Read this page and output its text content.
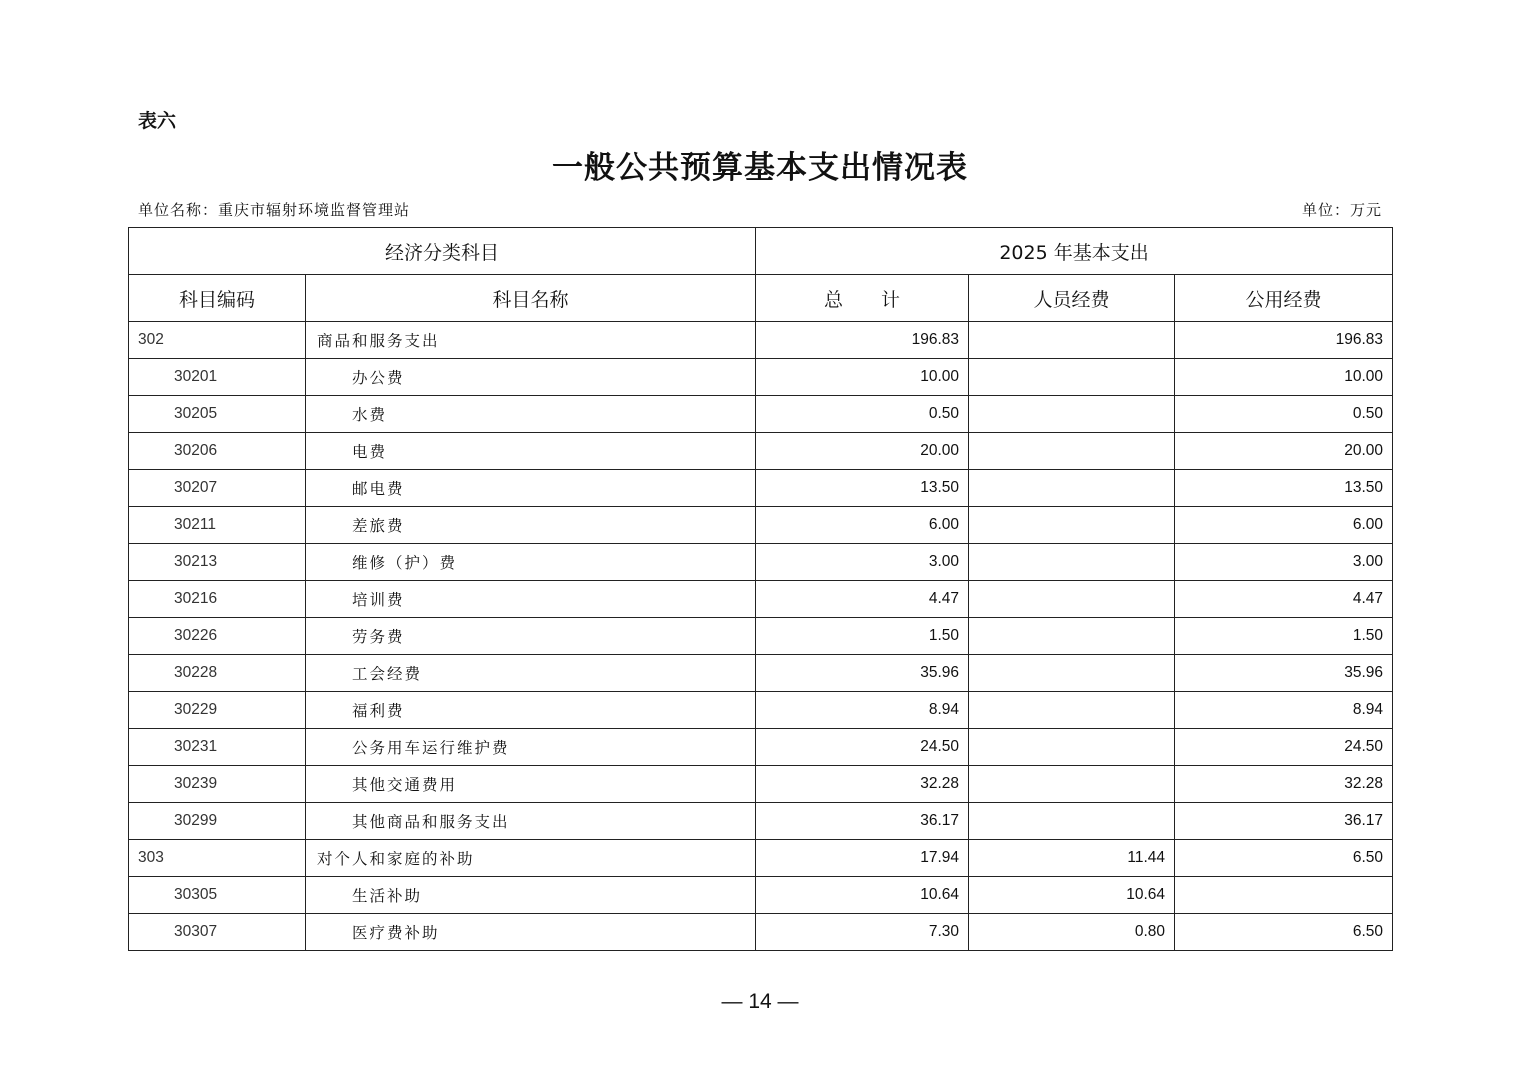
表六
一般公共预算基本支出情况表
单位名称：重庆市辐射环境监督管理站	单位：万元
经济分类科目		2025 年基本支出		
科目编码	科目名称	总　　计	人员经费	公用经费
302	商品和服务支出	196.83		196.83
30201	办公费	10.00		10.00
30205	水费	0.50		0.50
30206	电费	20.00		20.00
30207	邮电费	13.50		13.50
30211	差旅费	6.00		6.00
30213	维修（护）费	3.00		3.00
30216	培训费	4.47		4.47
30226	劳务费	1.50		1.50
30228	工会经费	35.96		35.96
30229	福利费	8.94		8.94
30231	公务用车运行维护费	24.50		24.50
30239	其他交通费用	32.28		32.28
30299	其他商品和服务支出	36.17		36.17
303	对个人和家庭的补助	17.94	11.44	6.50
30305	生活补助	10.64	10.64	
30307	医疗费补助	7.30	0.80	6.50
— 14 —
